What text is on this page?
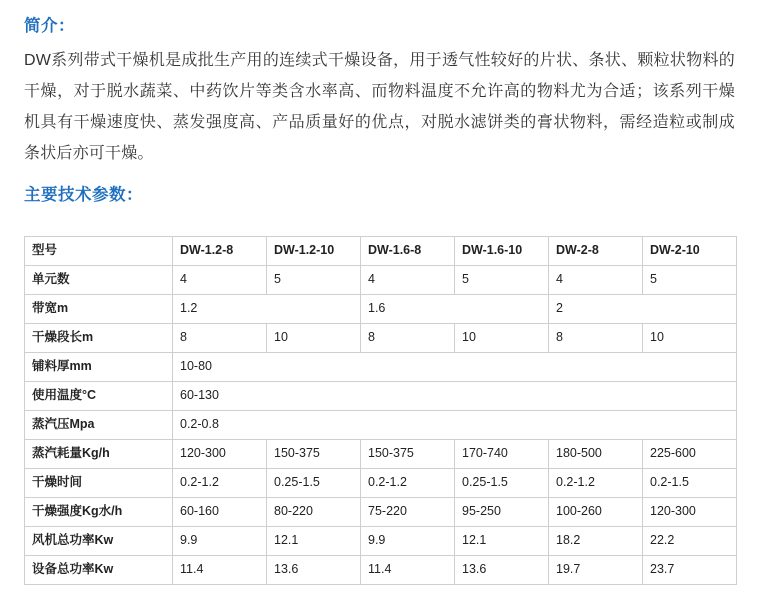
简介：

DW系列带式干燥机是成批生产用的连续式干燥设备，用于透气性较好的片状、条状、颗粒状物料的干燥，对于脱水蔬菜、中药饮片等类含水率高、而物料温度不允许高的物料尤为合适；该系列干燥机具有干燥速度快、蒸发强度高、产品质量好的优点，对脱水滤饼类的膏状物料，需经造粒或制成条状后亦可干燥。

主要技术参数：
型号	DW-1.2-8	DW-1.2-10	DW-1.6-8	DW-1.6-10	DW-2-8	DW-2-10
单元数	4	5	4	5	4	5
带宽m	1.2		1.6		2	
干燥段长m	8	10	8	10	8	10
铺料厚mm	10-80					
使用温度°C	60-130					
蒸汽压Mpa	0.2-0.8					
蒸汽耗量Kg/h	120-300	150-375	150-375	170-740	180-500	225-600
干燥时间	0.2-1.2	0.25-1.5	0.2-1.2	0.25-1.5	0.2-1.2	0.2-1.5
干燥强度Kg水/h	60-160	80-220	75-220	95-250	100-260	120-300
风机总功率Kw	9.9	12.1	9.9	12.1	18.2	22.2
设备总功率Kw	11.4	13.6	11.4	13.6	19.7	23.7
